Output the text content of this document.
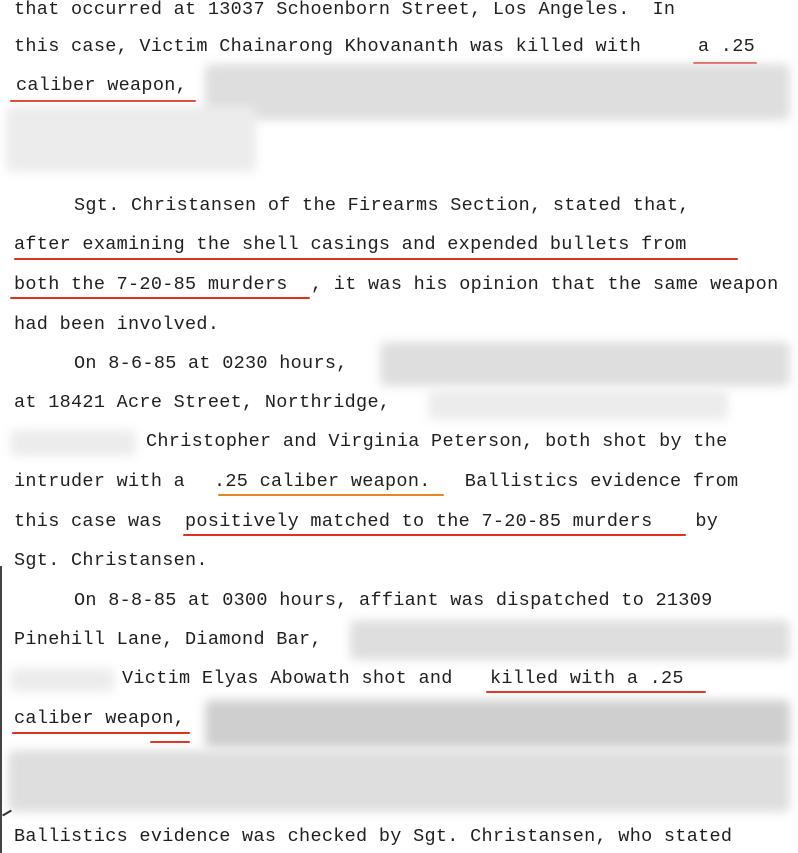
that occurred at 13037 Schoenborn Street, Los Angeles.  In
this case, Victim Chainarong Khovananth was killed with a .25
caliber weapon,
Sgt. Christansen of the Firearms Section, stated that,
after examining the shell casings and expended bullets from
both the 7-20-85 murders , it was his opinion that the same weapon
had been involved.
On 8-6-85 at 0230 hours,
at 18421 Acre Street, Northridge,
Christopher and Virginia Peterson, both shot by the
intruder with a .25 caliber weapon. Ballistics evidence from
this case was positively matched to the 7-20-85 murders by
Sgt. Christansen.
On 8-8-85 at 0300 hours, affiant was dispatched to 21309
Pinehill Lane, Diamond Bar,
Victim Elyas Abowath shot and killed with a .25
caliber weapon,
Ballistics evidence was checked by Sgt. Christansen, who stated
